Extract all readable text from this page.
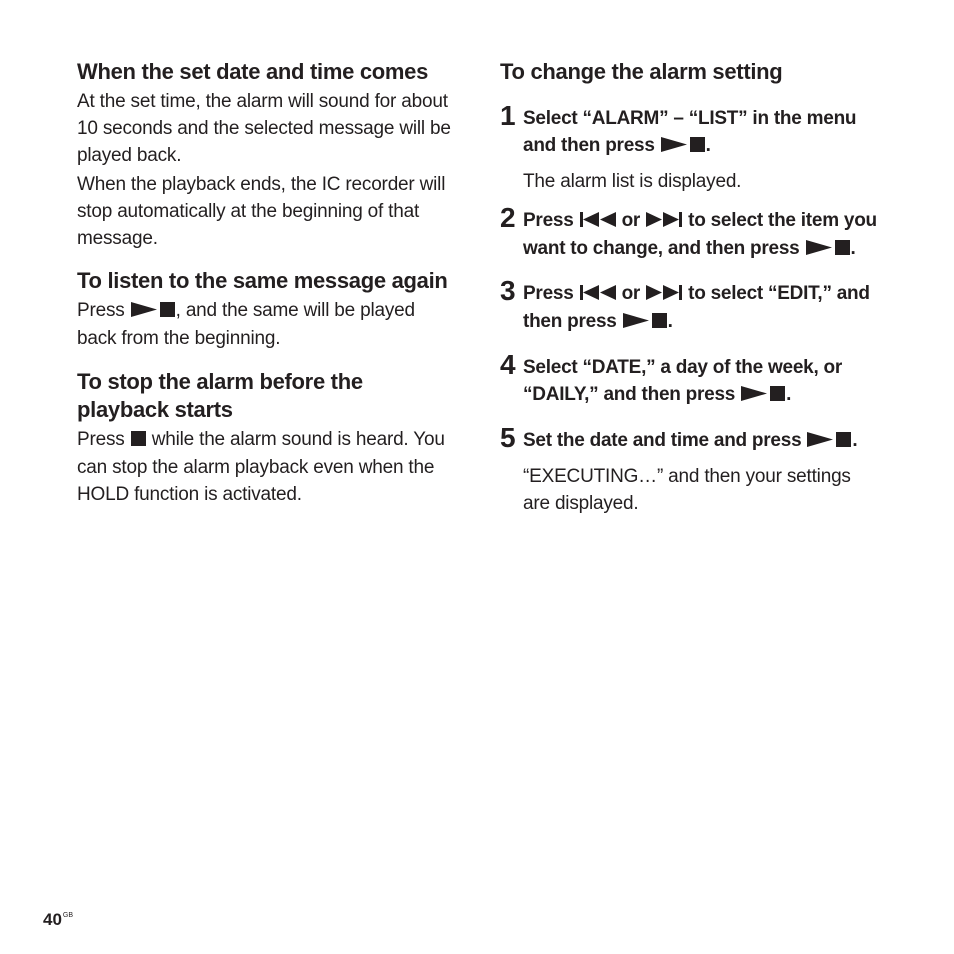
When the set date and time comes

At the set time, the alarm will sound for about 10 seconds and the selected message will be played back.

When the playback ends, the IC recorder will stop automatically at the beginning of that message.

To listen to the same message again

Press , and the same will be played back from the beginning.

To stop the alarm before the playback starts

Press  while the alarm sound is heard. You can stop the alarm playback even when the HOLD function is activated.

To change the alarm setting
1 Select “ALARM” – “LIST” in the menu and then press .

The alarm list is displayed.

2 Press  or  to select the item you want to change, and then press .

3 Press  or  to select “EDIT,” and then press .

4 Select “DATE,” a day of the week, or “DAILY,” and then press .

5 Set the date and time and press .

“EXECUTING…” and then your settings are displayed.

$40^{GB}$
